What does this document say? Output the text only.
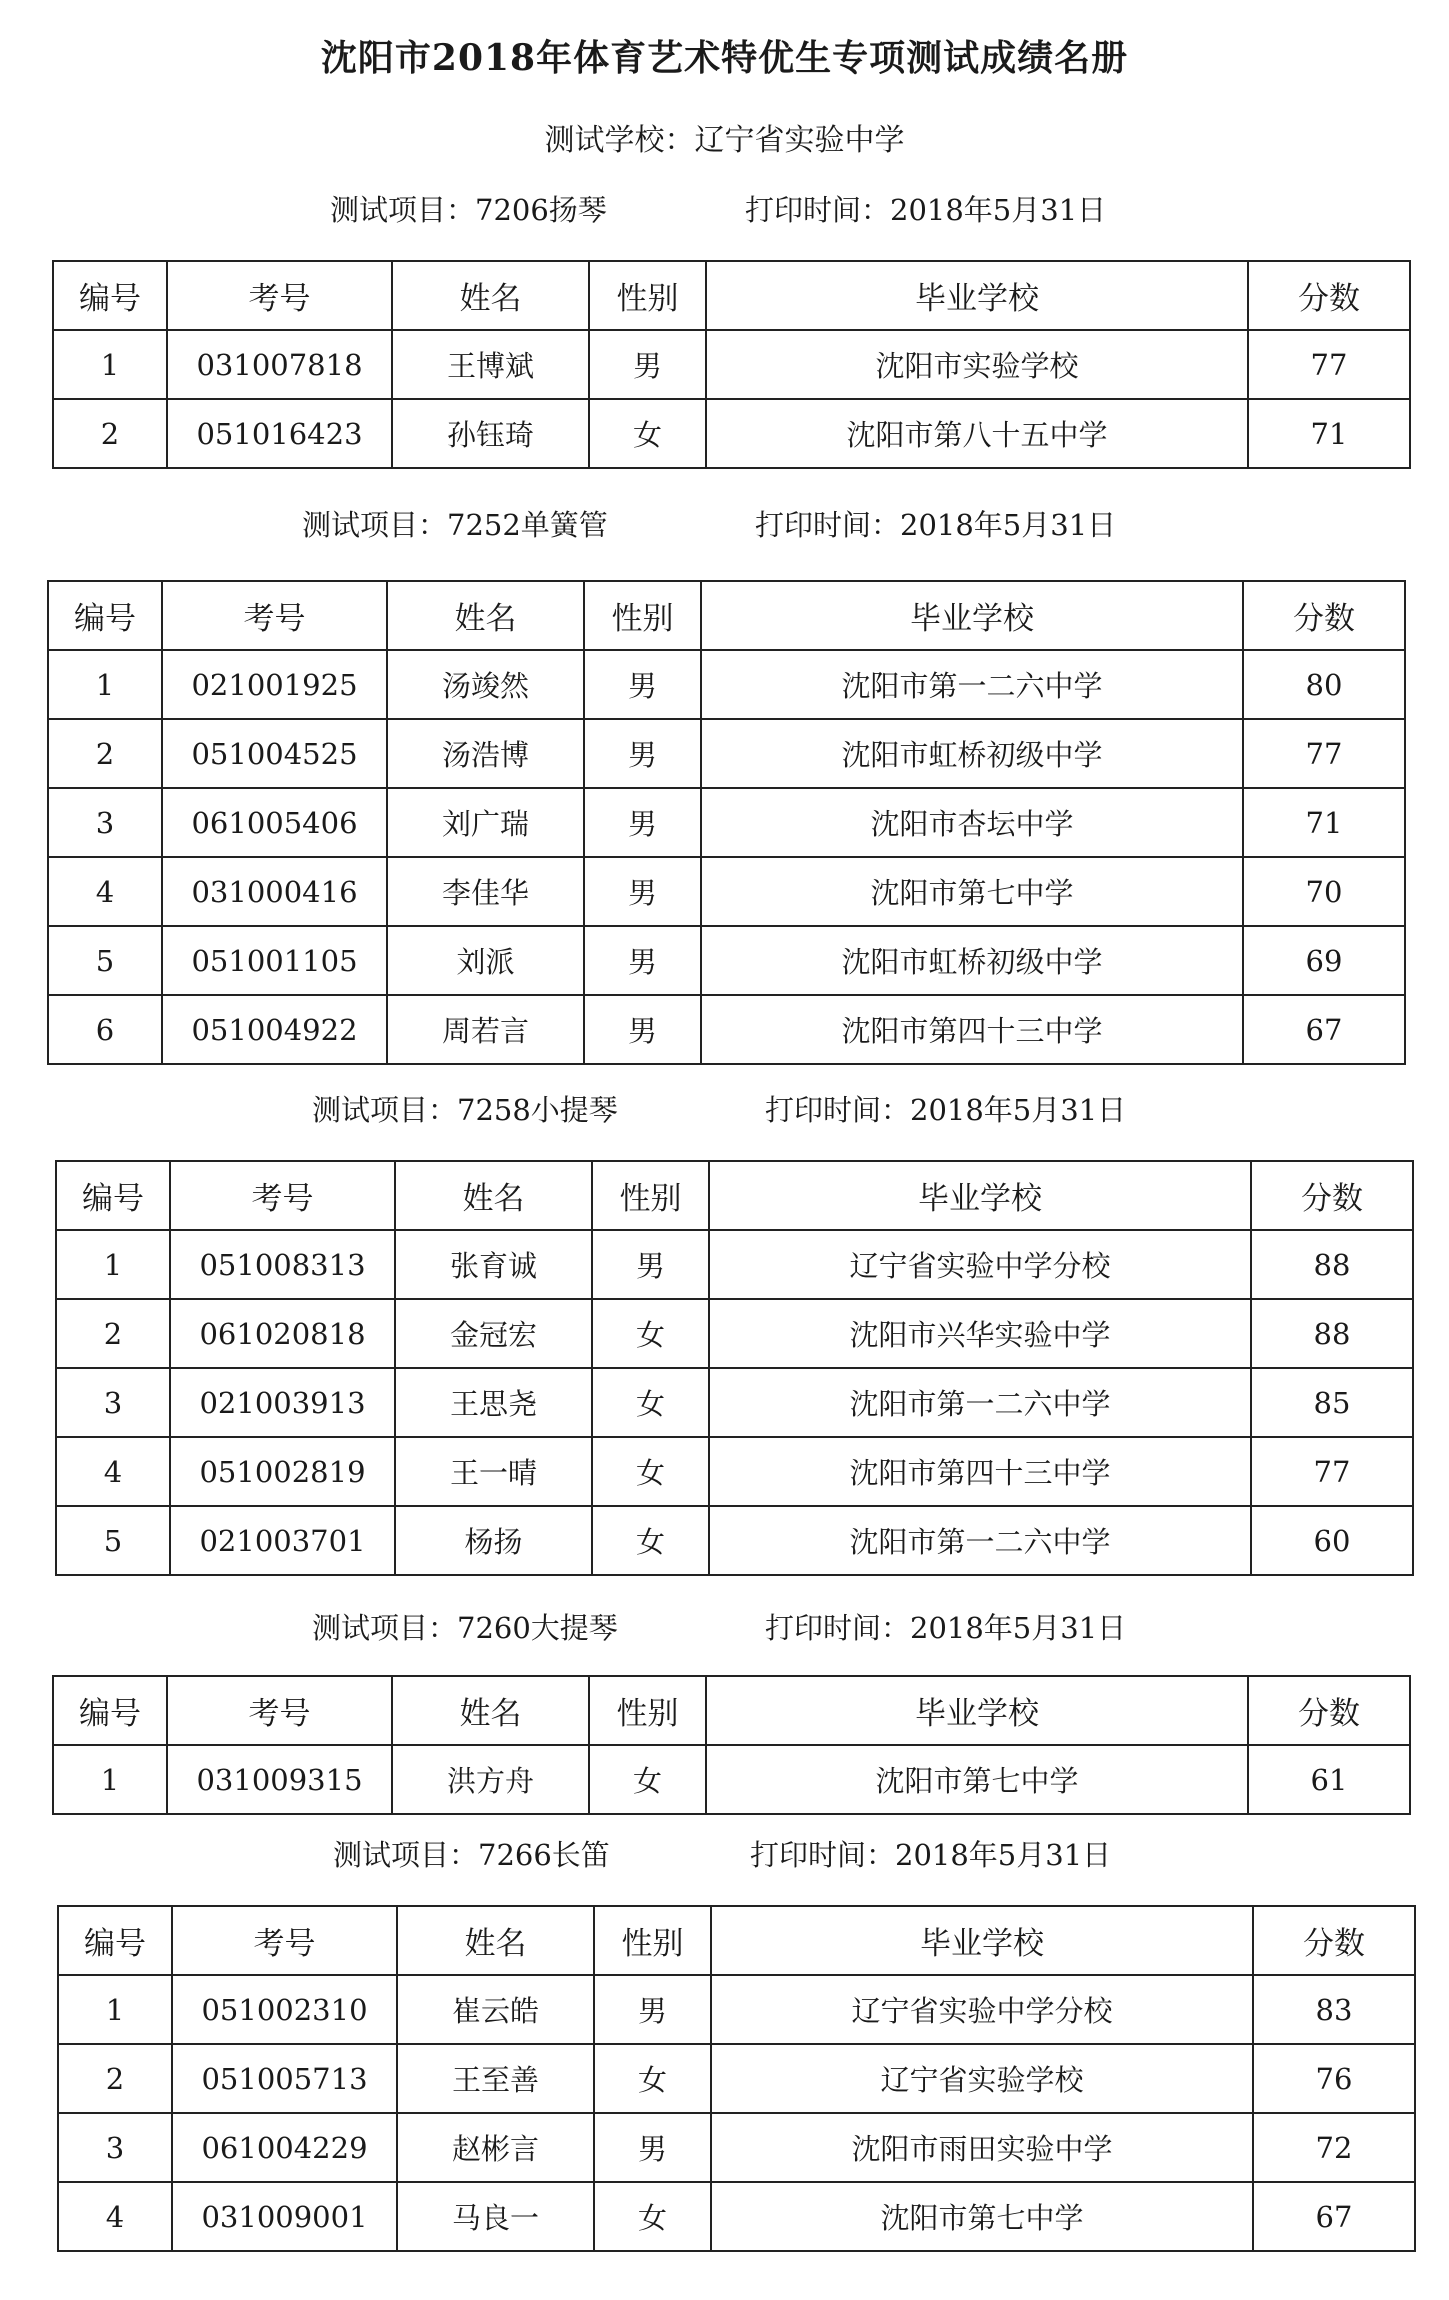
沈阳市2018年体育艺术特优生专项测试成绩名册
测试学校：辽宁省实验中学
测试项目：7206扬琴	打印时间：2018年5月31日
编号	考号	姓名	性别	毕业学校	分数
1	031007818	王博斌	男	沈阳市实验学校	77
2	051016423	孙钰琦	女	沈阳市第八十五中学	71
测试项目：7252单簧管	打印时间：2018年5月31日
编号	考号	姓名	性别	毕业学校	分数
1	021001925	汤竣然	男	沈阳市第一二六中学	80
2	051004525	汤浩博	男	沈阳市虹桥初级中学	77
3	061005406	刘广瑞	男	沈阳市杏坛中学	71
4	031000416	李佳华	男	沈阳市第七中学	70
5	051001105	刘派	男	沈阳市虹桥初级中学	69
6	051004922	周若言	男	沈阳市第四十三中学	67
测试项目：7258小提琴	打印时间：2018年5月31日
编号	考号	姓名	性别	毕业学校	分数
1	051008313	张育诚	男	辽宁省实验中学分校	88
2	061020818	金冠宏	女	沈阳市兴华实验中学	88
3	021003913	王思尧	女	沈阳市第一二六中学	85
4	051002819	王一晴	女	沈阳市第四十三中学	77
5	021003701	杨扬	女	沈阳市第一二六中学	60
测试项目：7260大提琴	打印时间：2018年5月31日
编号	考号	姓名	性别	毕业学校	分数
1	031009315	洪方舟	女	沈阳市第七中学	61
测试项目：7266长笛	打印时间：2018年5月31日
编号	考号	姓名	性别	毕业学校	分数
1	051002310	崔云皓	男	辽宁省实验中学分校	83
2	051005713	王至善	女	辽宁省实验学校	76
3	061004229	赵彬言	男	沈阳市雨田实验中学	72
4	031009001	马良一	女	沈阳市第七中学	67
